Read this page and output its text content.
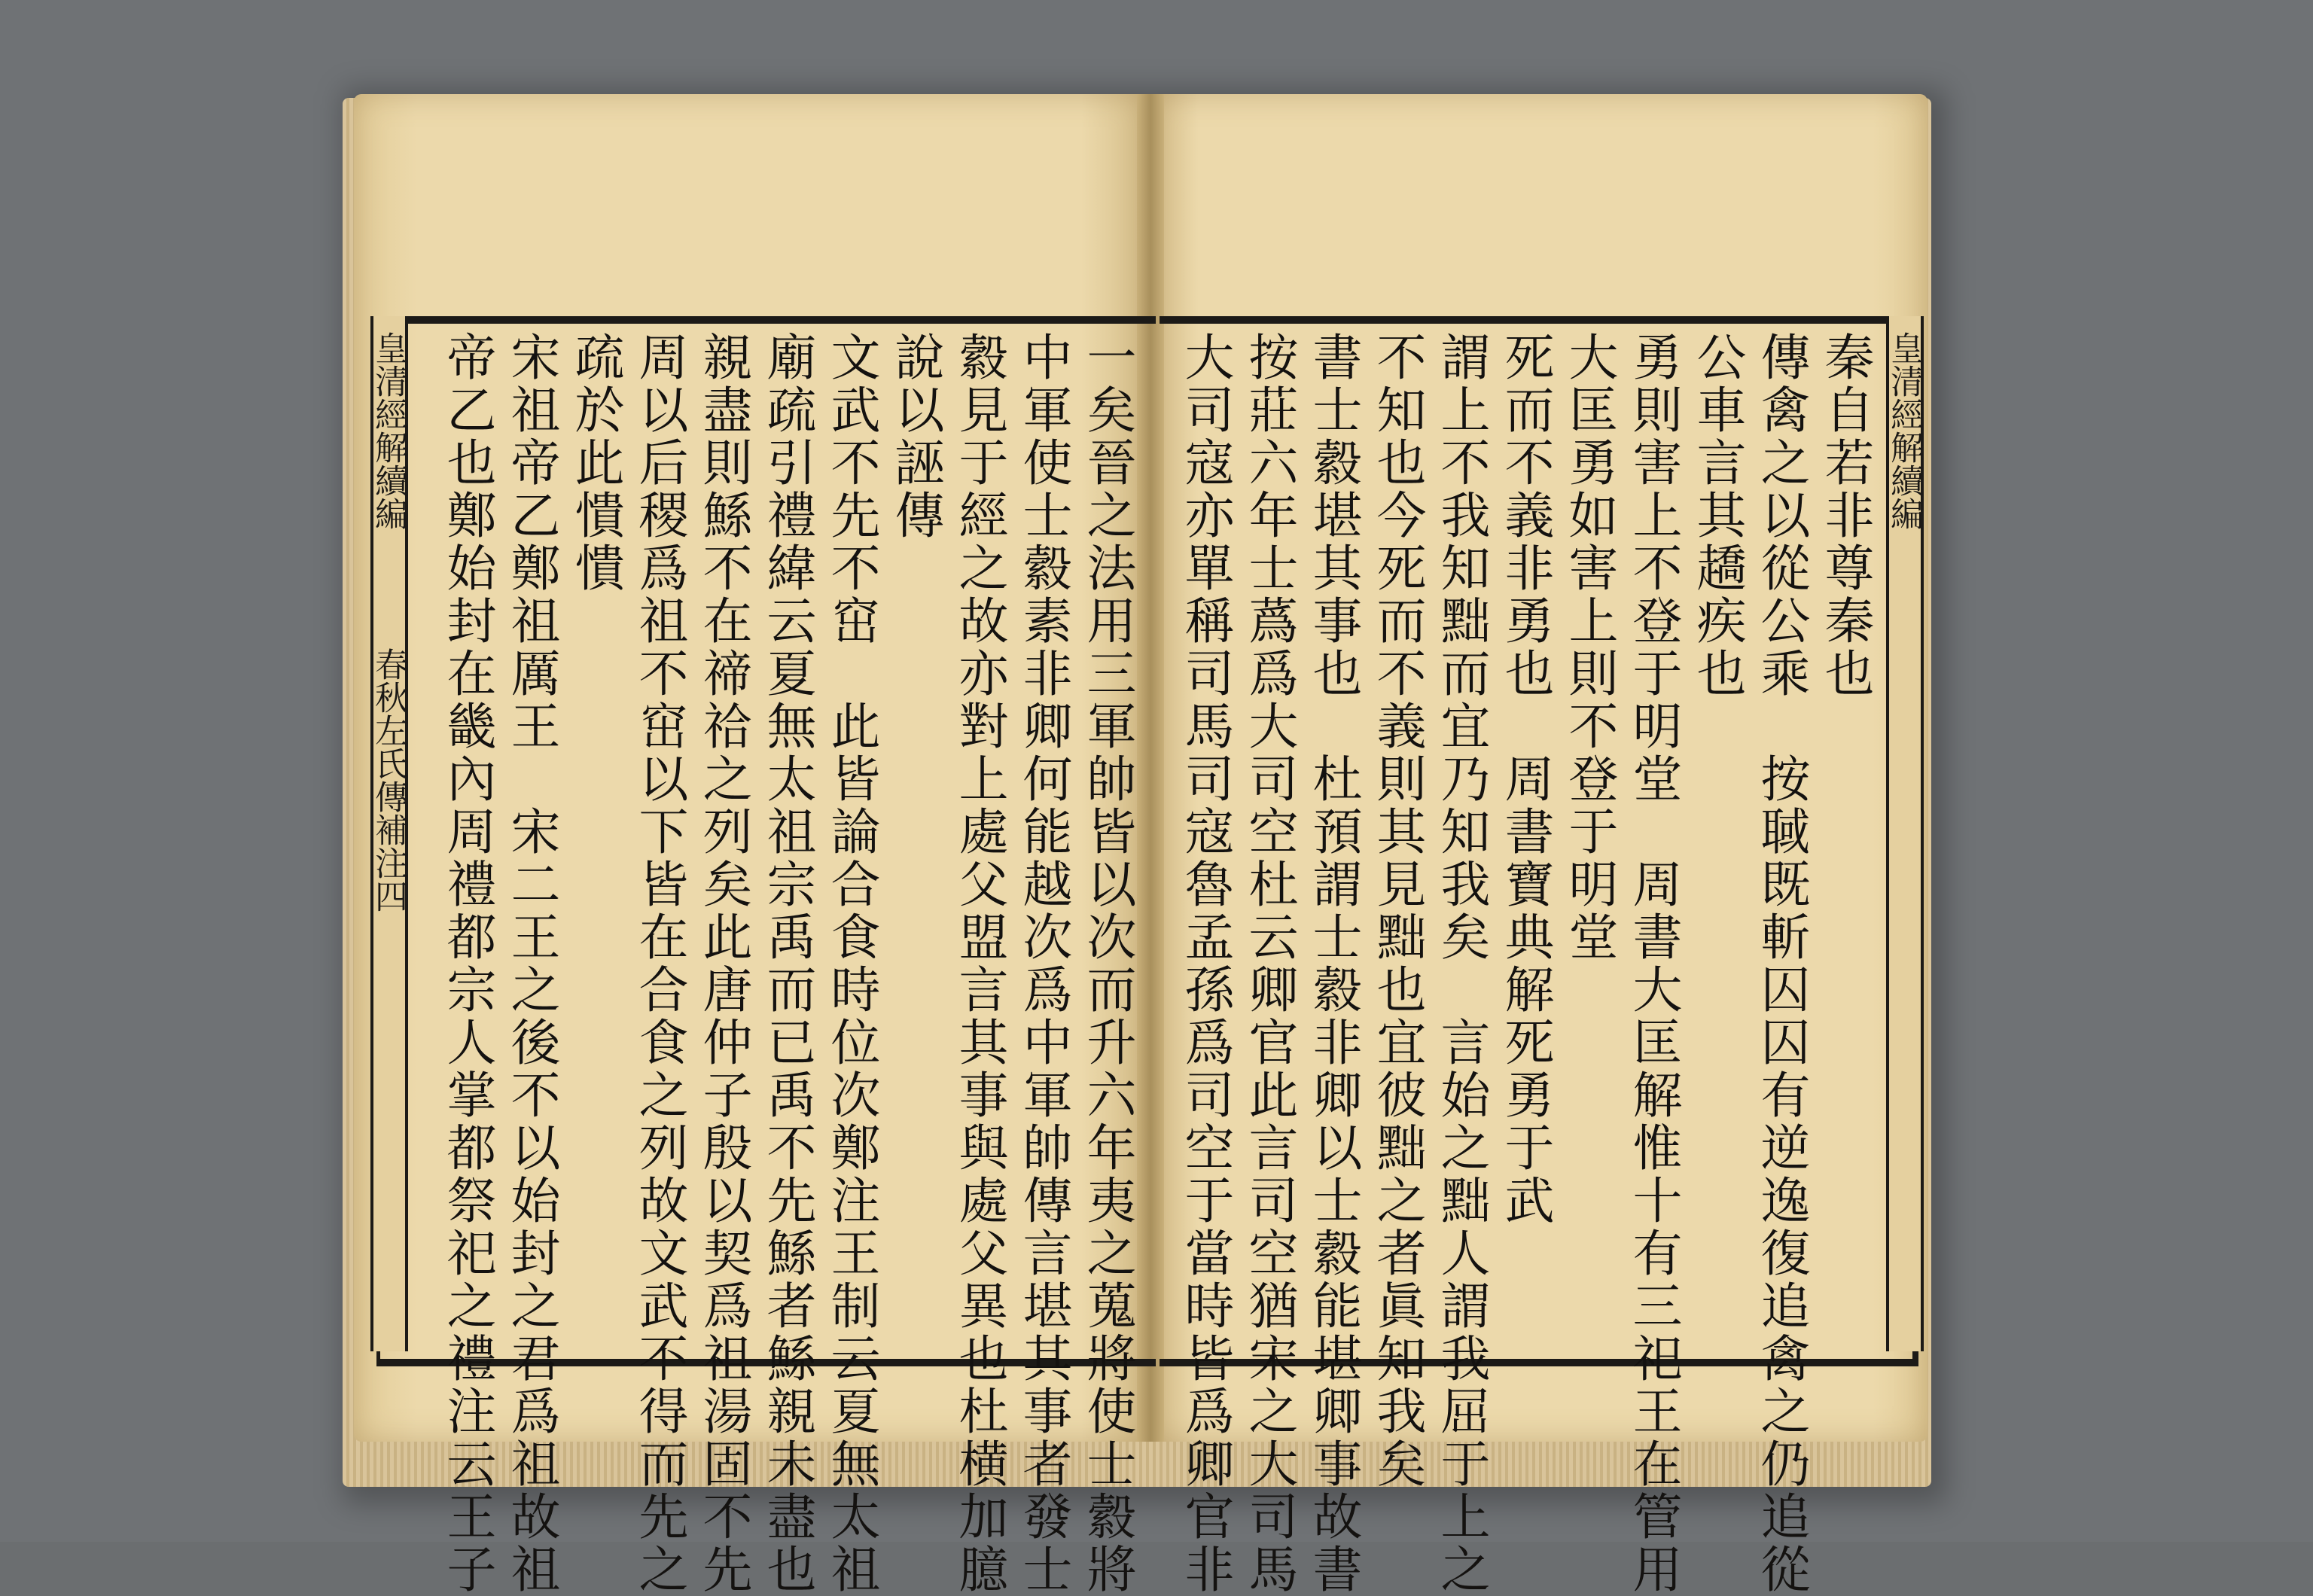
皇清經解續編
春秋左氏傳補注四
皇清經解續編
一矣晉之法用三軍帥皆以次而升六年夷之蒐將使士縠將
中軍使士縠素非卿何能越次爲中軍帥傳言堪其事者發士
縠見于經之故亦對上處父盟言其事與處父異也杜横加臆
說以誣傳
文武不先不窋　此皆論合食時位次鄭注王制云夏無太祖
廟疏引禮緯云夏無太祖宗禹而已禹不先鯀者鯀親未盡也
親盡則鯀不在禘祫之列矣此唐仲子殷以契爲祖湯固不先
周以后稷爲祖不窋以下皆在合食之列故文武不得而先之
疏於此憒憒
宋祖帝乙鄭祖厲王　宋二王之後不以始封之君爲祖故祖
帝乙也鄭始封在畿內周禮都宗人掌都祭祀之禮注云王子	秦自若非尊秦也
傳禽之以從公乘　按聝既斬囚囚有逆逸復追禽之仍追從
公車言其趫疾也
勇則害上不登于明堂　周書大匡解惟十有三祀王在管用
大匡勇如害上則不登于明堂
死而不義非勇也　周書寶典解死勇于武
謂上不我知黜而宜乃知我矣　言始之黜人謂我屈于上之
不知也今死而不義則其見黜也宜彼黜之者眞知我矣
書士縠堪其事也　杜預謂士縠非卿以士縠能堪卿事故書
按莊六年士蔿爲大司空杜云卿官此言司空猶宋之大司馬
大司寇亦單稱司馬司寇魯孟孫爲司空于當時皆爲卿官非
